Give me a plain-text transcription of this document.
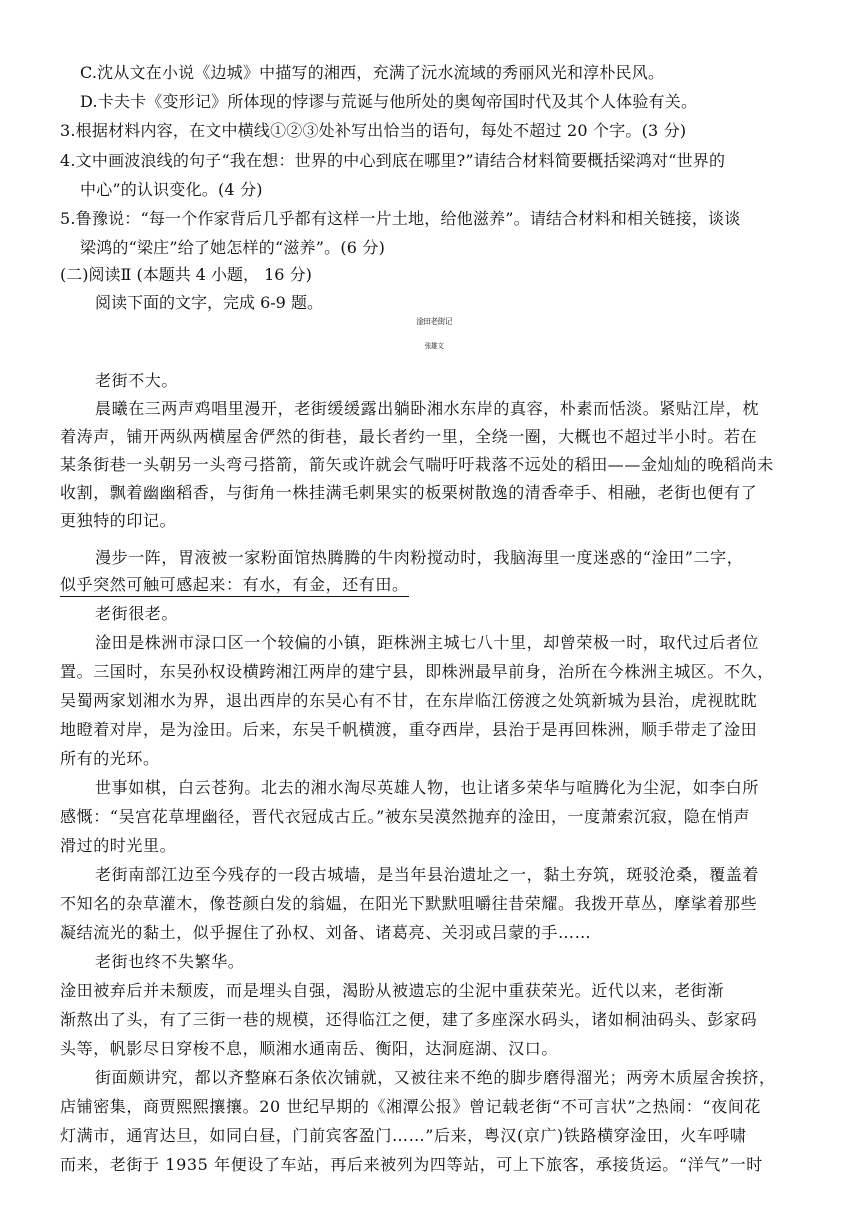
C.沈从文在小说《边城》中描写的湘西，充满了沅水流域的秀丽风光和淳朴民风。
D.卡夫卡《变形记》所体现的悖谬与荒诞与他所处的奥匈帝国时代及其个人体验有关。
3.根据材料内容，在文中横线①②③处补写出恰当的语句，每处不超过 20 个字。(3 分)
4.文中画波浪线的句子“我在想：世界的中心到底在哪里?”请结合材料简要概括梁鸿对“世界的
中心”的认识变化。(4 分)
5.鲁豫说：“每一个作家背后几乎都有这样一片土地，给他滋养”。请结合材料和相关链接，谈谈
梁鸿的“梁庄”给了她怎样的“滋养”。(6 分)
(二)阅读Ⅱ (本题共 4 小题， 16 分)
阅读下面的文字，完成 6-9 题。
淦田老街记
张雄文
老街不大。
晨曦在三两声鸡唱里漫开，老街缓缓露出躺卧湘水东岸的真容，朴素而恬淡。紧贴江岸，枕
着涛声，铺开两纵两横屋舍俨然的街巷，最长者约一里，全绕一圈，大概也不超过半小时。若在
某条街巷一头朝另一头弯弓搭箭，箭矢或许就会气喘吁吁栽落不远处的稻田——金灿灿的晚稻尚未
收割，飘着幽幽稻香，与街角一株挂满毛刺果实的板栗树散逸的清香牵手、相融，老街也便有了
更独特的印记。
漫步一阵，胃液被一家粉面馆热腾腾的牛肉粉搅动时，我脑海里一度迷惑的“淦田”二字，
似乎突然可触可感起来：有水，有金，还有田。
老街很老。
淦田是株洲市渌口区一个较偏的小镇，距株洲主城七八十里，却曾荣极一时，取代过后者位
置。三国时，东吴孙权设横跨湘江两岸的建宁县，即株洲最早前身，治所在今株洲主城区。不久，
吴蜀两家划湘水为界，退出西岸的东吴心有不甘，在东岸临江傍渡之处筑新城为县治，虎视眈眈
地瞪着对岸，是为淦田。后来，东吴千帆横渡，重夺西岸，县治于是再回株洲，顺手带走了淦田
所有的光环。
世事如棋，白云苍狗。北去的湘水淘尽英雄人物，也让诸多荣华与喧腾化为尘泥，如李白所
感慨：“吴宫花草埋幽径，晋代衣冠成古丘。”被东吴漠然抛弃的淦田，一度萧索沉寂，隐在悄声
滑过的时光里。
老街南部江边至今残存的一段古城墙，是当年县治遗址之一，黏土夯筑，斑驳沧桑，覆盖着
不知名的杂草灌木，像苍颜白发的翁媪，在阳光下默默咀嚼往昔荣耀。我拨开草丛，摩挲着那些
凝结流光的黏土，似乎握住了孙权、刘备、诸葛亮、关羽或吕蒙的手……
老街也终不失繁华。
淦田被弃后并未颓废，而是埋头自强，渴盼从被遗忘的尘泥中重获荣光。近代以来，老街渐
渐熬出了头，有了三街一巷的规模，还得临江之便，建了多座深水码头，诸如桐油码头、彭家码
头等，帆影尽日穿梭不息，顺湘水通南岳、衡阳，达洞庭湖、汉口。
街面颇讲究，都以齐整麻石条依次铺就，又被往来不绝的脚步磨得溜光；两旁木质屋舍挨挤，
店铺密集，商贾熙熙攘攘。20 世纪早期的《湘潭公报》曾记载老街“不可言状”之热闹：“夜间花
灯满市，通宵达旦，如同白昼，门前宾客盈门……”后来，粤汉(京广)铁路横穿淦田，火车呼啸
而来，老街于 1935 年便设了车站，再后来被列为四等站，可上下旅客，承接货运。“洋气”一时
